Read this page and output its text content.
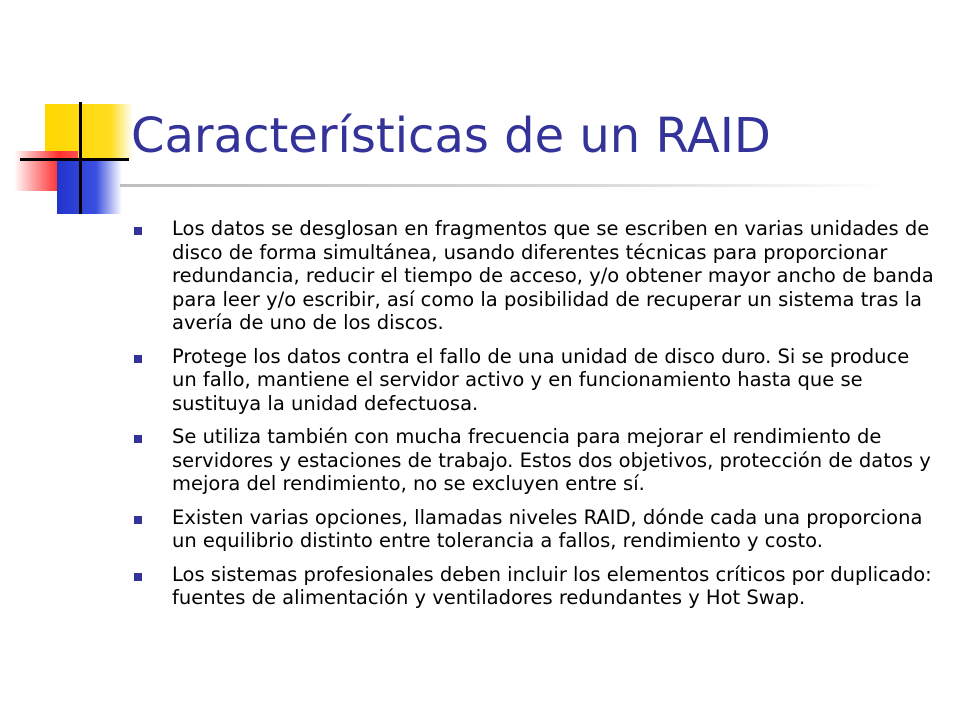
Características de un RAID
Los datos se desglosan en fragmentos que se escriben en varias unidades de disco de forma simultánea, usando diferentes técnicas para proporcionar redundancia, reducir el tiempo de acceso, y/o obtener mayor ancho de banda para leer y/o escribir, así como la posibilidad de recuperar un sistema tras la avería de uno de los discos.
Protege los datos contra el fallo de una unidad de disco duro. Si se produce un fallo, mantiene el servidor activo y en funcionamiento hasta que se sustituya la unidad defectuosa.
Se utiliza también con mucha frecuencia para mejorar el rendimiento de servidores y estaciones de trabajo. Estos dos objetivos, protección de datos y mejora del rendimiento, no se excluyen entre sí.
Existen varias opciones, llamadas niveles RAID, dónde cada una proporciona un equilibrio distinto entre tolerancia a fallos, rendimiento y costo.
Los sistemas profesionales deben incluir los elementos críticos por duplicado: fuentes de alimentación y ventiladores redundantes y Hot Swap.
